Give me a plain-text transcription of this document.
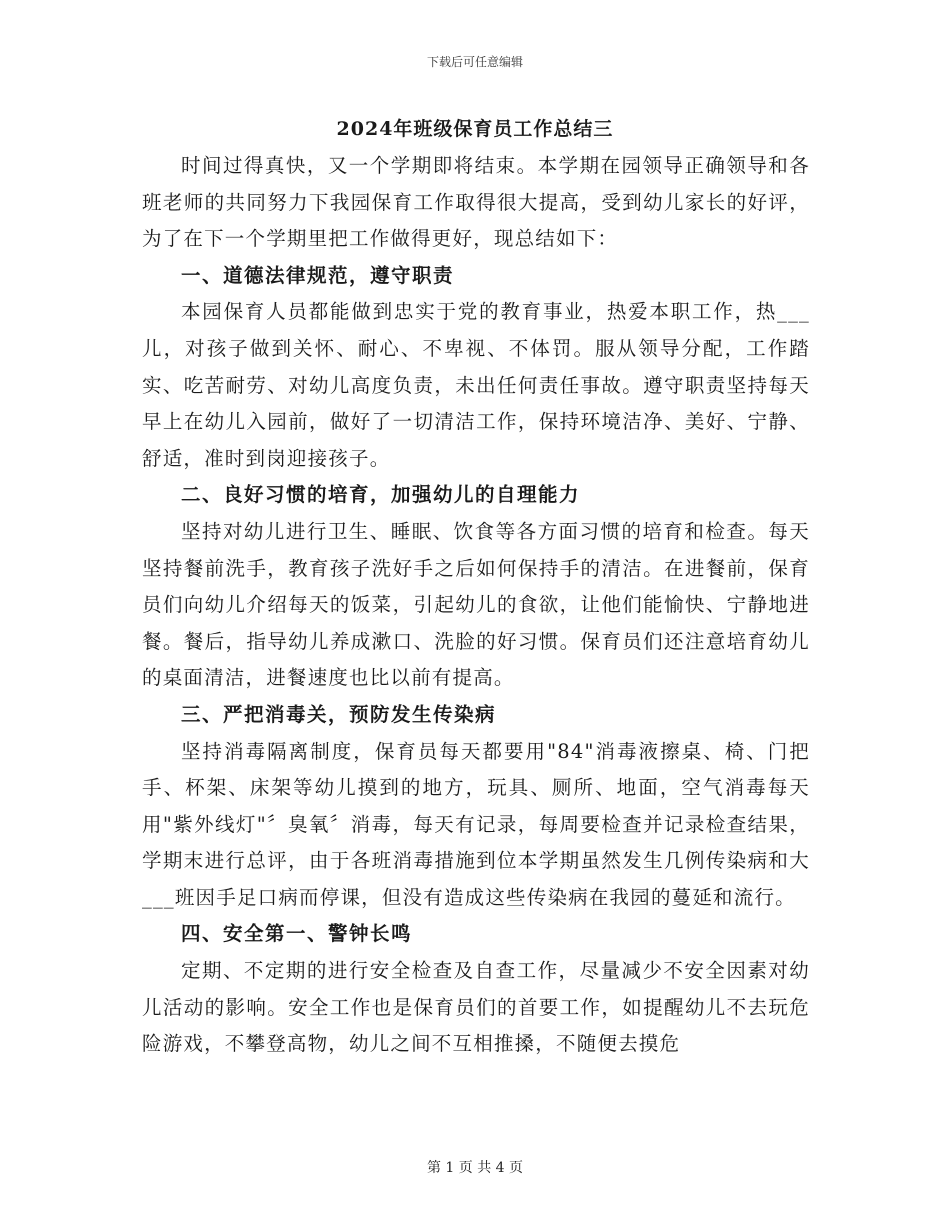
下载后可任意编辑
2024年班级保育员工作总结三

时间过得真快，又一个学期即将结束。本学期在园领导正确领导和各班老师的共同努力下我园保育工作取得很大提高，受到幼儿家长的好评，为了在下一个学期里把工作做得更好，现总结如下：

一、道德法律规范，遵守职责

本园保育人员都能做到忠实于党的教育事业，热爱本职工作，热___儿，对孩子做到关怀、耐心、不卑视、不体罚。服从领导分配，工作踏实、吃苦耐劳、对幼儿高度负责，未出任何责任事故。遵守职责坚持每天早上在幼儿入园前，做好了一切清洁工作，保持环境洁净、美好、宁静、舒适，准时到岗迎接孩子。

二、良好习惯的培育，加强幼儿的自理能力

坚持对幼儿进行卫生、睡眠、饮食等各方面习惯的培育和检查。每天坚持餐前洗手，教育孩子洗好手之后如何保持手的清洁。在进餐前，保育员们向幼儿介绍每天的饭菜，引起幼儿的食欲，让他们能愉快、宁静地进餐。餐后，指导幼儿养成漱口、洗脸的好习惯。保育员们还注意培育幼儿的桌面清洁，进餐速度也比以前有提高。

三、严把消毒关，预防发生传染病

坚持消毒隔离制度，保育员每天都要用"84"消毒液擦桌、椅、门把手、杯架、床架等幼儿摸到的地方，玩具、厕所、地面，空气消毒每天用"紫外线灯"〞臭氧〞消毒，每天有记录，每周要检查并记录检查结果，学期末进行总评，由于各班消毒措施到位本学期虽然发生几例传染病和大___班因手足口病而停课，但没有造成这些传染病在我园的蔓延和流行。

四、安全第一、警钟长鸣

定期、不定期的进行安全检查及自查工作，尽量减少不安全因素对幼儿活动的影响。安全工作也是保育员们的首要工作，如提醒幼儿不去玩危险游戏，不攀登高物，幼儿之间不互相推搡，不随便去摸危

第 1 页 共 4 页
